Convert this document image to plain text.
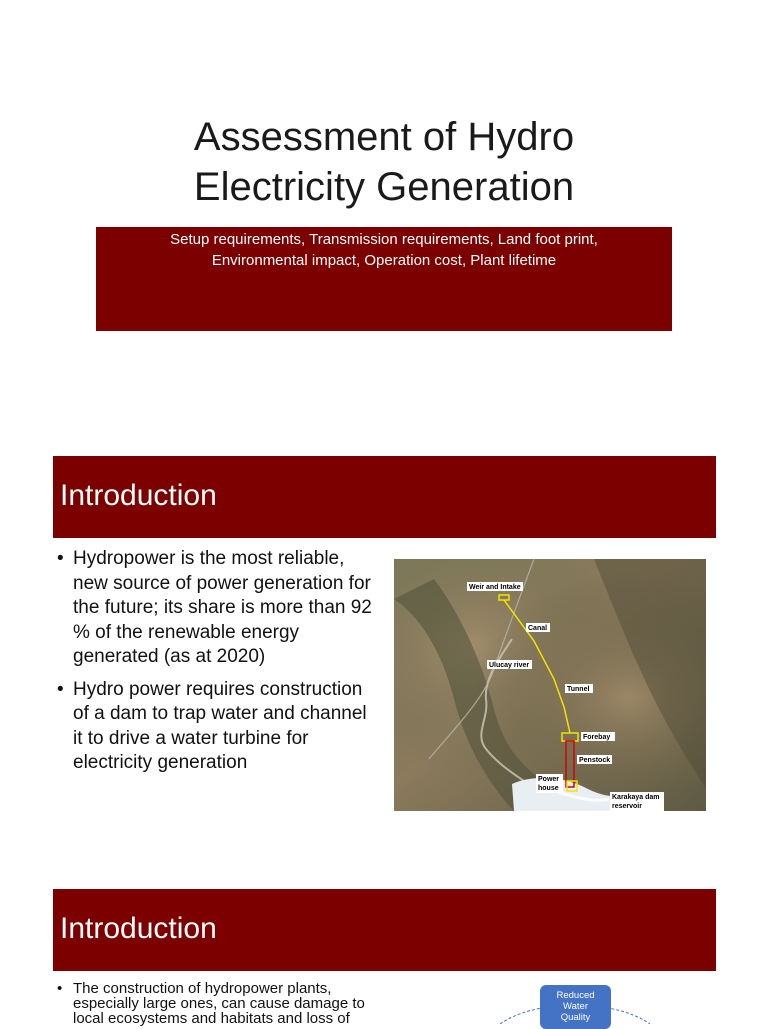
Assessment of Hydro
Electricity Generation
Setup requirements, Transmission requirements, Land foot print,
Environmental impact, Operation cost, Plant lifetime
Introduction
• Hydropower is the most reliable, new source of power generation for the future; its share is more than 92 % of the renewable energy generated (as at 2020)
• Hydro power requires construction of a dam to trap water and channel it to drive a water turbine for electricity generation
Weir and Intake
Canal
Ulucay river
Tunnel
Forebay
Penstock
Power
house
Karakaya dam
reservoir
Introduction
• The construction of hydropower plants,
especially large ones, can cause damage to
local ecosystems and habitats and loss of
Reduced
Water
Quality
